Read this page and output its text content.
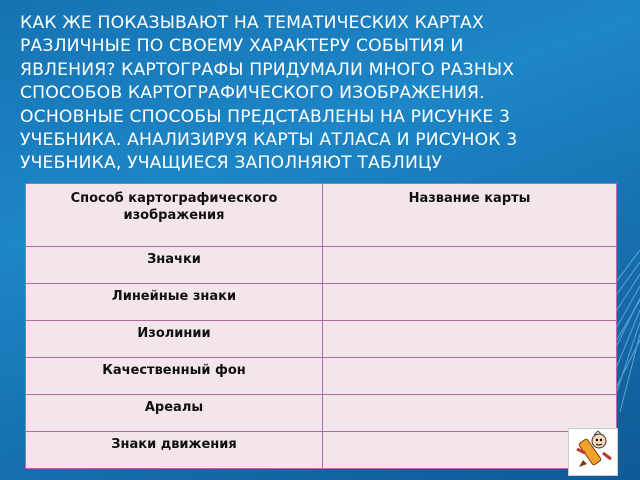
КАК ЖЕ ПОКАЗЫВАЮТ НА ТЕМАТИЧЕСКИХ КАРТАХ
РАЗЛИЧНЫЕ ПО СВОЕМУ ХАРАКТЕРУ СОБЫТИЯ И
ЯВЛЕНИЯ? КАРТОГРАФЫ ПРИДУМАЛИ МНОГО РАЗНЫХ
СПОСОБОВ КАРТОГРАФИЧЕСКОГО ИЗОБРАЖЕНИЯ.
ОСНОВНЫЕ СПОСОБЫ ПРЕДСТАВЛЕНЫ НА РИСУНКЕ 3
УЧЕБНИКА. АНАЛИЗИРУЯ КАРТЫ АТЛАСА И РИСУНОК 3
УЧЕБНИКА, УЧАЩИЕСЯ ЗАПОЛНЯЮТ ТАБЛИЦУ
Способ картографического изображения	Название карты
Значки	
Линейные знаки	
Изолинии	
Качественный фон	
Ареалы	
Знаки движения	
